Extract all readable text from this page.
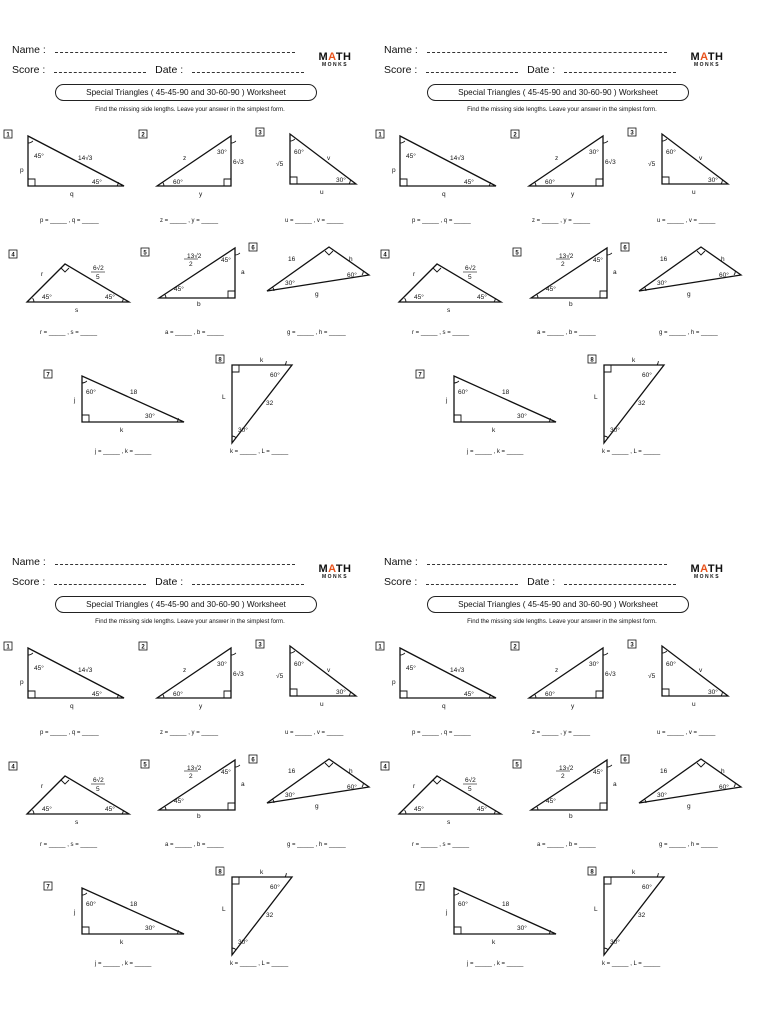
Name :
Score :	Date :
MATH
MONKS
Special Triangles ( 45-45-90 and 30-60-90 ) Worksheet
Find the missing side lengths. Leave your answer in the simplest form.
1
45°	14√3
p
45°
q
p = _____ , q = _____
2
z
30°
6√3
60°
y
z = _____ , y = _____
3
60°
v
√5
30°
u
u = _____ , v = _____
4
6√2
5
r
45°	45°
s
r = _____ , s = _____
5	13√2
2
45°
a
45°
b
a = _____ , b = _____
6
16	h
60°
30°
g
g = _____ , h = _____
7
60°	18
j
30°
k
j = _____ , k = _____
8	k
60°
L
32
30°
k = _____ , L = _____
Name :
Score :	Date :
MATH
MONKS
Special Triangles ( 45-45-90 and 30-60-90 ) Worksheet
Find the missing side lengths. Leave your answer in the simplest form.
1
45°	14√3
p
45°
q
p = _____ , q = _____
2
z
30°
6√3
60°
y
z = _____ , y = _____
3
60°
v
√5
30°
u
u = _____ , v = _____
4
6√2
5
r
45°	45°
s
r = _____ , s = _____
5	13√2
2
45°
a
45°
b
a = _____ , b = _____
6
16	h
60°
30°
g
g = _____ , h = _____
7
60°	18
j
30°
k
j = _____ , k = _____
8	k
60°
L
32
30°
k = _____ , L = _____
Name :
Score :	Date :
MATH
MONKS
Special Triangles ( 45-45-90 and 30-60-90 ) Worksheet
Find the missing side lengths. Leave your answer in the simplest form.
1
45°	14√3
p
45°
q
p = _____ , q = _____
2
z
30°
6√3
60°
y
z = _____ , y = _____
3
60°
v
√5
30°
u
u = _____ , v = _____
4
6√2
5
r
45°	45°
s
r = _____ , s = _____
5	13√2
2
45°
a
45°
b
a = _____ , b = _____
6
16	h
60°
30°
g
g = _____ , h = _____
7
60°	18
j
30°
k
j = _____ , k = _____
8	k
60°
L
32
30°
k = _____ , L = _____
Name :
Score :	Date :
MATH
MONKS
Special Triangles ( 45-45-90 and 30-60-90 ) Worksheet
Find the missing side lengths. Leave your answer in the simplest form.
1
45°	14√3
p
45°
q
p = _____ , q = _____
2
z
30°
6√3
60°
y
z = _____ , y = _____
3
60°
v
√5
30°
u
u = _____ , v = _____
4
6√2
5
r
45°	45°
s
r = _____ , s = _____
5	13√2
2
45°
a
45°
b
a = _____ , b = _____
6
16	h
60°
30°
g
g = _____ , h = _____
7
60°	18
j
30°
k
j = _____ , k = _____
8	k
60°
L
32
30°
k = _____ , L = _____
